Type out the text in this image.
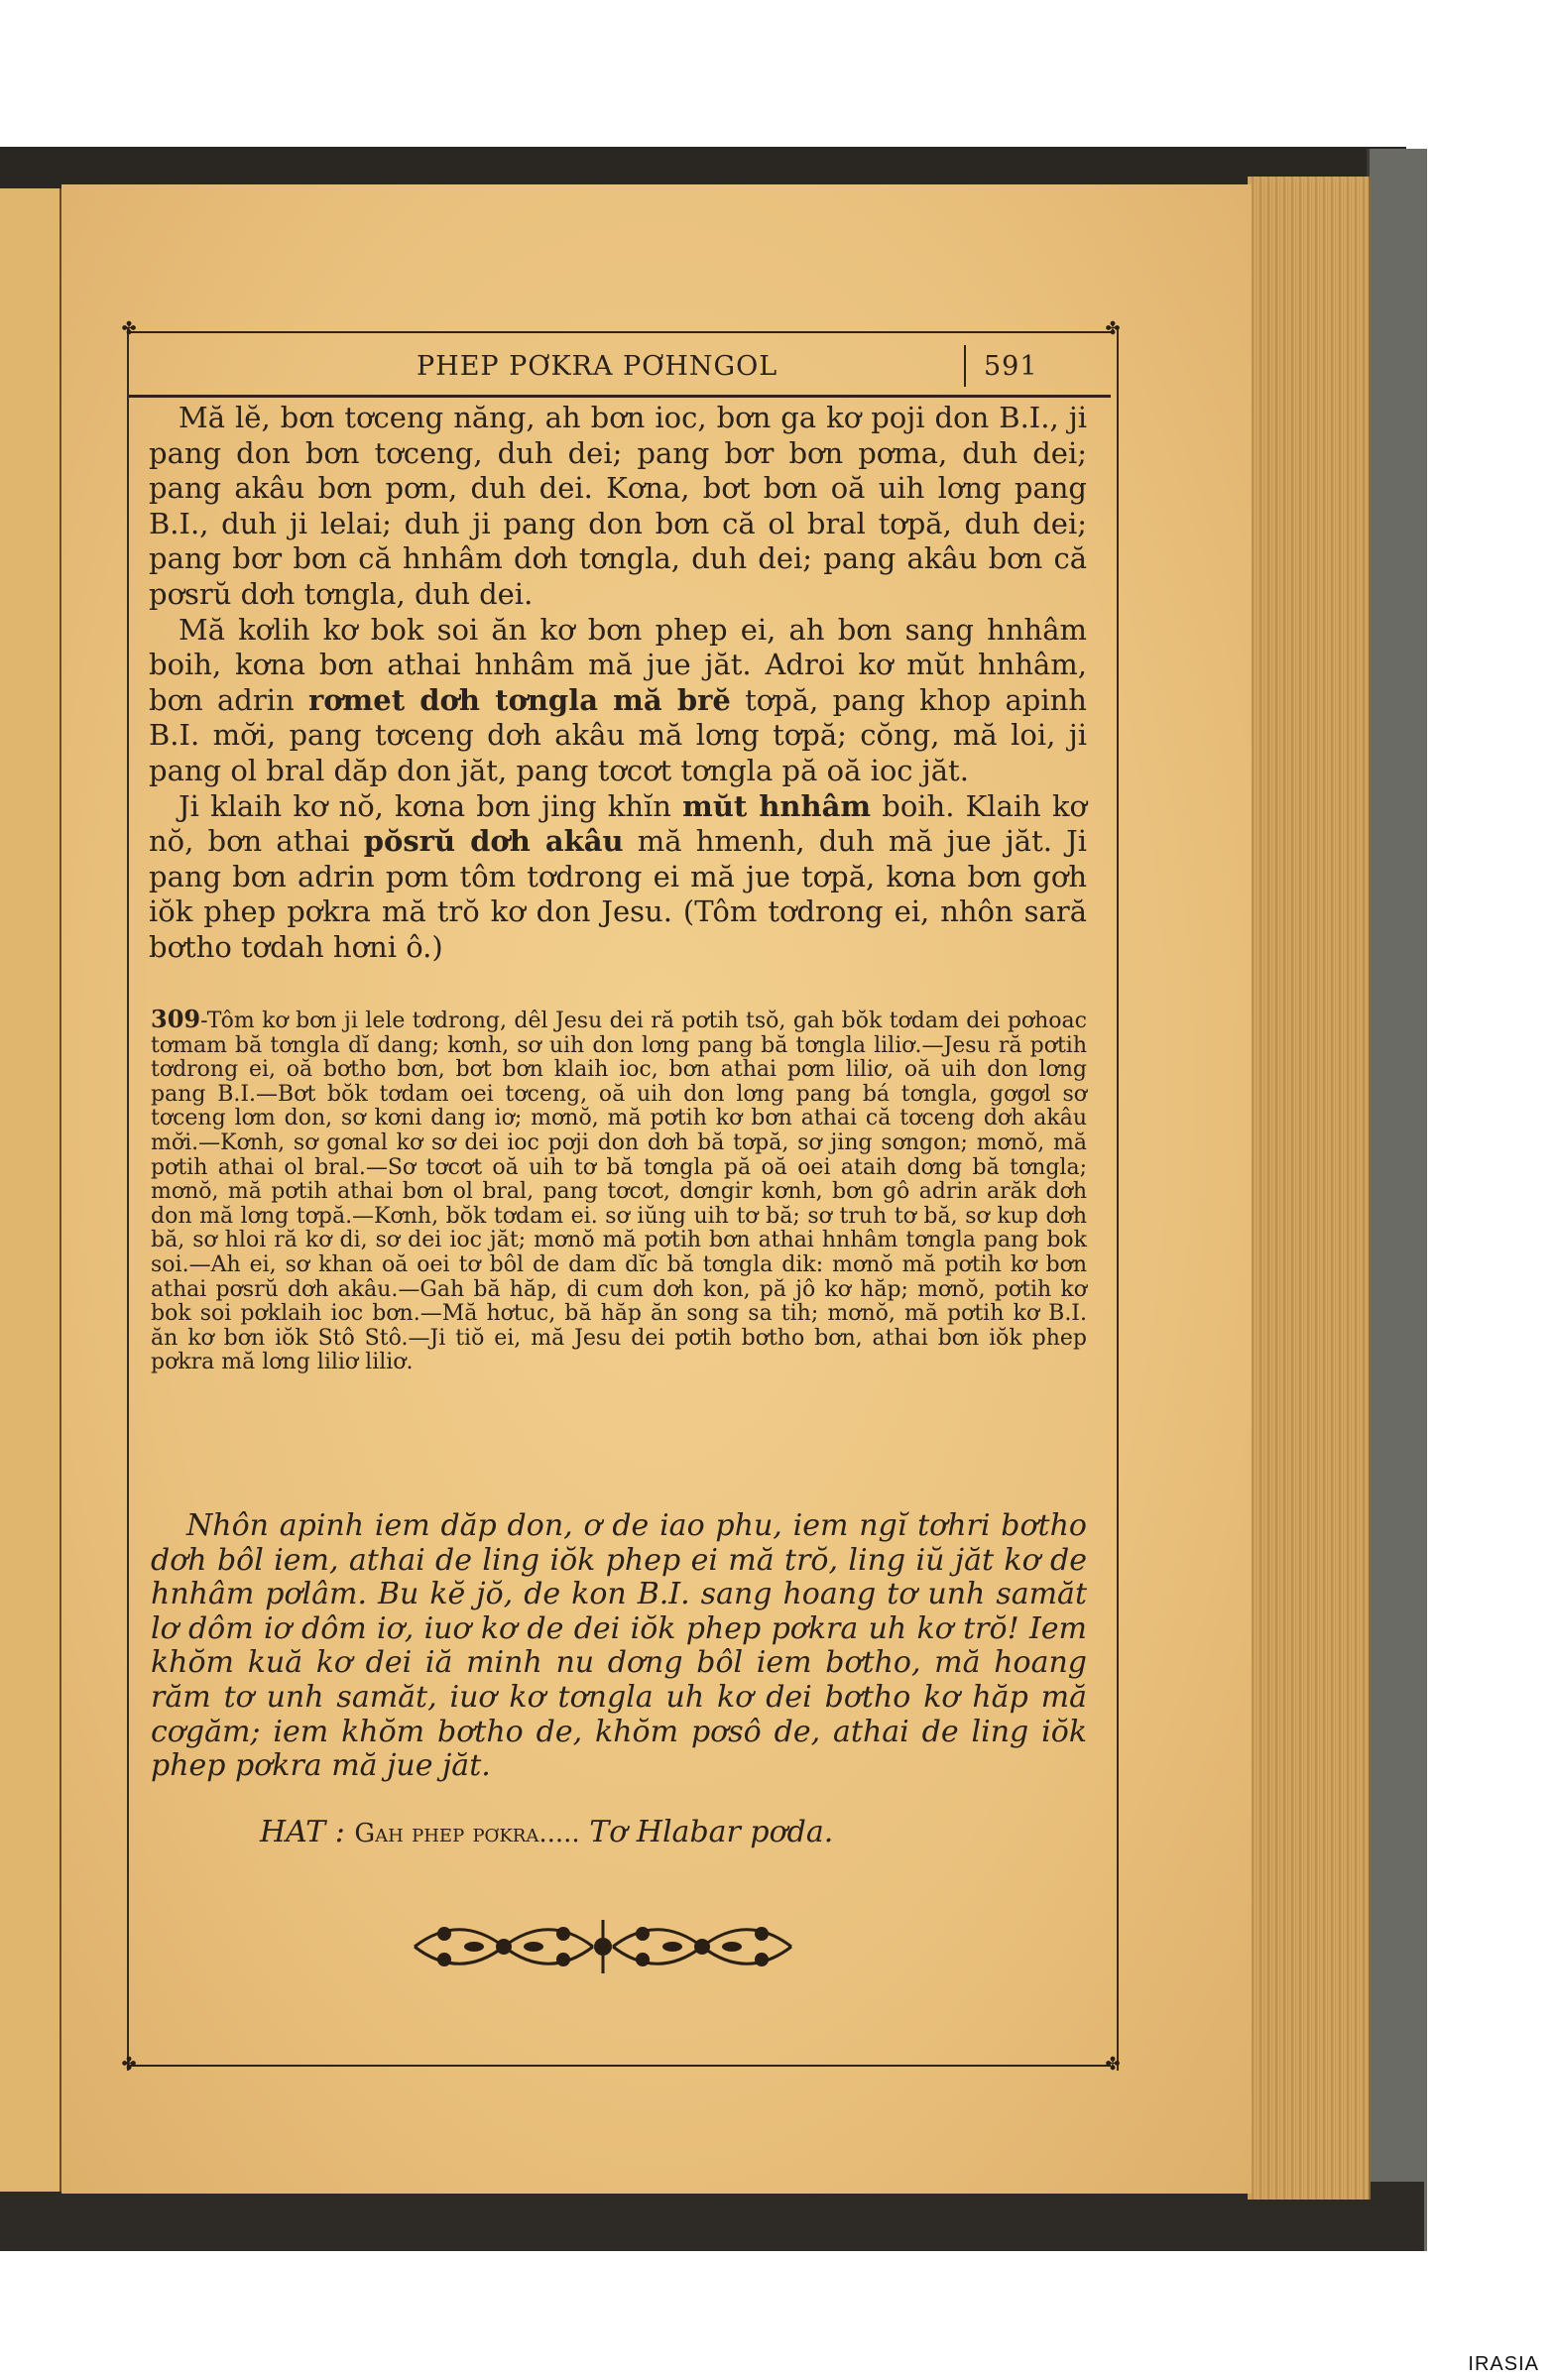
✤	✤
✤	✤
PHEP PƠKRA PƠHNGOL	591

Mă lĕ, bơn tơceng năng, ah bơn ioc, bơn ga kơ poji don B.I., ji pang don bơn tơceng, duh dei; pang bơr bơn pơma, duh dei; pang akâu bơn pơm, duh dei. Kơna, bơt bơn oă uih lơng pang B.I., duh ji lelai; duh ji pang don bơn că ol bral tơpă, duh dei; pang bơr bơn că hnhâm dơh tơngla, duh dei; pang akâu bơn că pơsrŭ dơh tơngla, duh dei.

Mă kơlih kơ bok soi ăn kơ bơn phep ei, ah bơn sang hnhâm boih, kơna bơn athai hnhâm mă jue jăt. Adroi kơ mŭt hnhâm, bơn adrin rơmet dơh tơngla mă brĕ tơpă, pang khop apinh B.I. mơ̆i, pang tơceng dơh akâu mă lơng tơpă; cŏng, mă loi, ji pang ol bral dăp don jăt, pang tơcơt tơngla pă oă ioc jăt.

Ji klaih kơ nŏ, kơna bơn jing khĭn mŭt hnhâm boih. Klaih kơ nŏ, bơn athai pŏsrŭ dơh akâu mă hmenh, duh mă jue jăt. Ji pang bơn adrin pơm tôm tơdrong ei mă jue tơpă, kơna bơn gơh iŏk phep pơkra mă trŏ kơ don Jesu. (Tôm tơdrong ei, nhôn sară bơtho tơdah hơni ô.)

309-Tôm kơ bơn ji lele tơdrong, dêl Jesu dei ră pơtih tsŏ, gah bŏk tơdam dei pơhoac tơmam bă tơngla dĭ dang; kơnh, sơ uih don lơng pang bă tơngla liliơ.—Jesu ră pơtih tơdrong ei, oă bơtho bơn, bơt bơn klaih ioc, bơn athai pơm liliơ, oă uih don lơng pang B.I.—Bơt bŏk tơdam oei tơceng, oă uih don lơng pang bá tơngla, gơgơl sơ tơceng lơm don, sơ kơni dang iơ; mơnŏ, mă pơtih kơ bơn athai că tơceng dơh akâu mơ̆i.—Kơnh, sơ gơnal kơ sơ dei ioc pơji don dơh bă tơpă, sơ jing sơngon; mơnŏ, mă pơtih athai ol bral.—Sơ tơcơt oă uih tơ bă tơngla pă oă oei ataih dơng bă tơngla; mơnŏ, mă pơtih athai bơn ol bral, pang tơcơt, dơngir kơnh, bơn gô adrin arăk dơh don mă lơng tơpă.—Kơnh, bŏk tơdam ei. sơ iŭng uih tơ bă; sơ truh tơ bă, sơ kup dơh bă, sơ hloi ră kơ di, sơ dei ioc jăt; mơnŏ mă pơtih bơn athai hnhâm tơngla pang bok soi.—Ah ei, sơ khan oă oei tơ bôl de dam dĭc bă tơngla dik: mơnŏ mă pơtih kơ bơn athai pơsrŭ dơh akâu.—Gah bă hăp, di cum dơh kon, pă jô kơ hăp; mơnŏ, pơtih kơ bok soi pơklaih ioc bơn.—Mă hơtuc, bă hăp ăn song sa tih; mơnŏ, mă pơtih kơ B.I. ăn kơ bơn iŏk Stô Stô.—Ji tiŏ ei, mă Jesu dei pơtih bơtho bơn, athai bơn iŏk phep pơkra mă lơng liliơ liliơ.
Nhôn apinh iem dăp don, ơ de iao phu, iem ngĭ tơhri bơtho dơh bôl iem, athai de ling iŏk phep ei mă trŏ, ling iŭ jăt kơ de hnhâm pơlâm. Bu kĕ jŏ, de kon B.I. sang hoang tơ unh samăt lơ dôm iơ dôm iơ, iuơ kơ de dei iŏk phep pơkra uh kơ trŏ! Iem khŏm kuă kơ dei iă minh nu dơng bôl iem bơtho, mă hoang răm tơ unh samăt, iuơ kơ tơngla uh kơ dei bơtho kơ hăp mă cơgăm; iem khŏm bơtho de, khŏm pơsô de, athai de ling iŏk phep pơkra mă jue jăt.
HAT : Gah phep pơkra..... Tơ Hlabar pơda.
IRASIA
